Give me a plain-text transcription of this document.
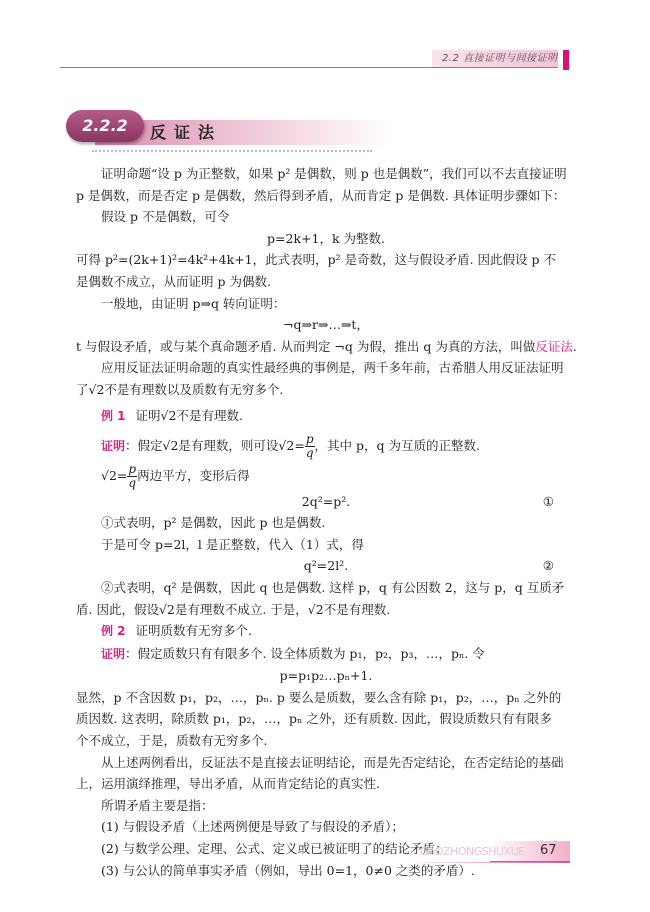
2.2 直接证明与间接证明
2.2.2	反证法

证明命题“设 p 为正整数，如果 p² 是偶数，则 p 也是偶数”，我们可以不去直接证明

p 是偶数，而是否定 p 是偶数，然后得到矛盾，从而肯定 p 是偶数. 具体证明步骤如下：

假设 p 不是偶数，可令

p=2k+1，k 为整数.

可得 p²=(2k+1)²=4k²+4k+1，此式表明，p² 是奇数，这与假设矛盾. 因此假设 p 不

是偶数不成立，从而证明 p 为偶数.

一般地，由证明 p⇒q 转向证明：

¬q⇒r⇒…⇒t，

t 与假设矛盾，或与某个真命题矛盾. 从而判定 ¬q 为假，推出 q 为真的方法，叫做反证法.

应用反证法证明命题的真实性最经典的事例是，两千多年前，古希腊人用反证法证明

了√2不是有理数以及质数有无穷多个.

例 1 证明√2不是有理数.

证明：假定√2是有理数，则可设$√2= \frac{p}{q}$ ，其中 p，q 为互质的正整数.

$√2= \frac{p}{q}$ 两边平方，变形后得

2q²=p².	①

①式表明，p² 是偶数，因此 p 也是偶数.

于是可令 p=2l，l 是正整数，代入（1）式，得

q²=2l².	②

②式表明，q² 是偶数，因此 q 也是偶数. 这样 p，q 有公因数 2，这与 p，q 互质矛

盾. 因此，假设√2是有理数不成立. 于是，√2不是有理数.

例 2 证明质数有无穷多个.

证明：假定质数只有有限多个. 设全体质数为 p₁，p₂，p₃，…，pₙ. 令

p=p₁p₂…pₙ+1.

显然，p 不含因数 p₁，p₂，…，pₙ. p 要么是质数，要么含有除 p₁，p₂，…，pₙ 之外的

质因数. 这表明，除质数 p₁，p₂，…，pₙ 之外，还有质数. 因此，假设质数只有有限多

个不成立，于是，质数有无穷多个.

从上述两例看出，反证法不是直接去证明结论，而是先否定结论，在否定结论的基础

上，运用演绎推理，导出矛盾，从而肯定结论的真实性.

所谓矛盾主要是指：

(1) 与假设矛盾（上述两例便是导致了与假设的矛盾）；

(2) 与数学公理、定理、公式、定义或已被证明了的结论矛盾；

(3) 与公认的简单事实矛盾（例如，导出 0=1，0≠0 之类的矛盾）.

GAOZHONGSHUXUE 67
